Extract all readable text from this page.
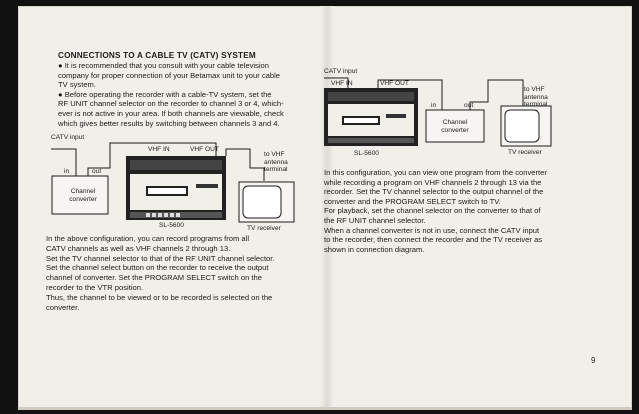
CONNECTIONS TO A CABLE TV (CATV) SYSTEM
● It is recommended that you consult with your cable television
company for proper connection of your Betamax unit to your cable
TV system.
● Before operating the recorder with a cable-TV system, set the
RF UNIT channel selector on the recorder to channel 3 or 4, which-
ever is not active in your area. If both channels are viewable, check
which gives better results by switching between channels 3 and 4.
CATV input
in	out
Channel converter
VHF IN	VHF OUT
to VHF antenna terminal
SL-5600	TV receiver
In the above configuration, you can record programs from all
CATV channels as well as VHF channels 2 through 13.
Set the TV channel selector to that of the RF UNIT channel selector.
Set the channel select button on the recorder to receive the output
channel of converter. Set the PROGRAM SELECT switch on the
recorder to the VTR position.
Thus, the channel to be viewed or to be recorded is selected on the
converter.
CATV input
VHF IN	VHF OUT
in	out
Channel converter
to VHF antenna terminal
SL-5600	TV receiver
In this configuration, you can view one program from the converter
while recording a program on VHF channels 2 through 13 via the
recorder. Set the TV channel selector to the output channel of the
converter and the PROGRAM SELECT switch to TV.
For playback, set the channel selector on the converter to that of
the RF UNIT channel selector.
When a channel converter is not in use, connect the CATV input
to the recorder, then connect the recorder and the TV receiver as
shown in connection diagram.
9
